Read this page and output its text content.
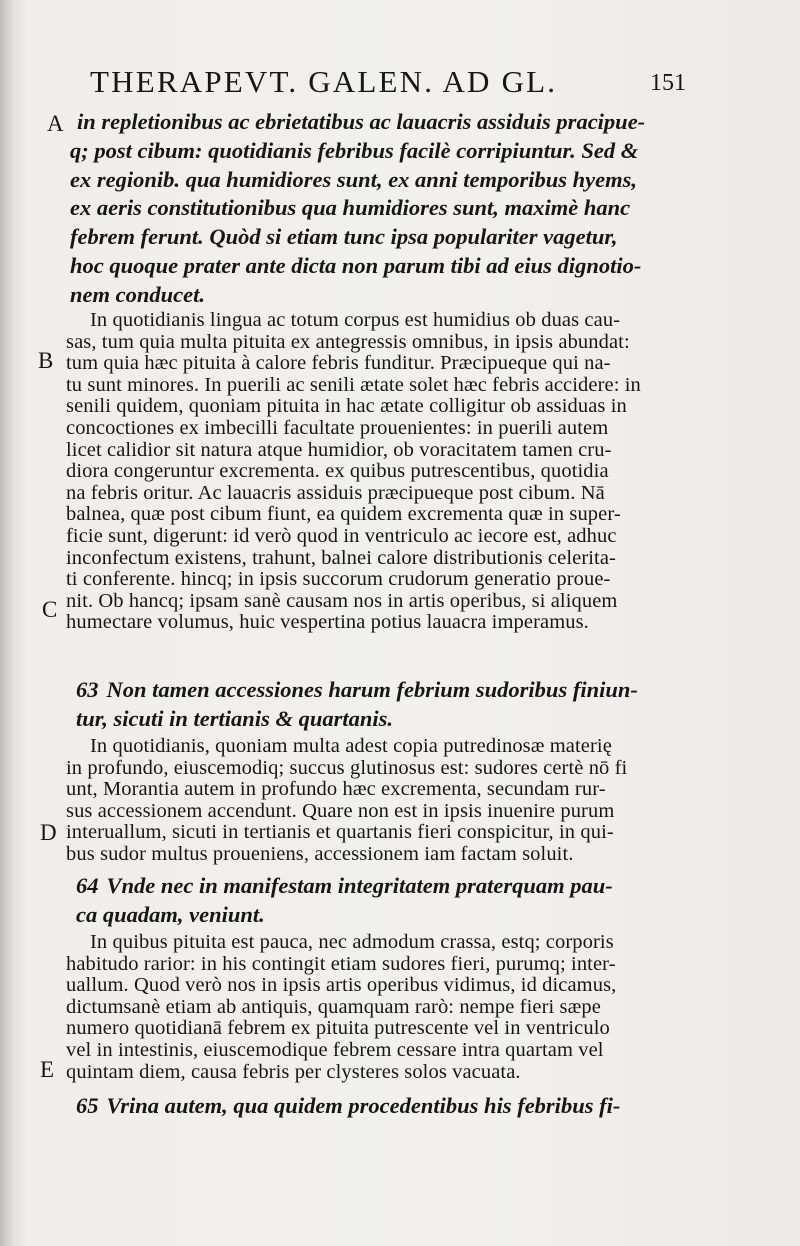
THERAPEVT. GALEN. AD GL.	151
A
B
C
D
E
in repletionibus ac ebrietatibus ac lauacris assiduis pracipue-
q; post cibum: quotidianis febribus facilè corripiuntur. Sed &
ex regionib. qua humidiores sunt, ex anni temporibus hyems,
ex aeris constitutionibus qua humidiores sunt, maximè hanc
febrem ferunt. Quòd si etiam tunc ipsa populariter vagetur,
hoc quoque prater ante dicta non parum tibi ad eius dignotio-
nem conducet.
In quotidianis lingua ac totum corpus est humidius ob duas cau-
sas, tum quia multa pituita ex antegressis omnibus, in ipsis abundat:
tum quia hæc pituita à calore febris funditur. Præcipueque qui na-
tu sunt minores. In puerili ac senili ætate solet hæc febris accidere: in
senili quidem, quoniam pituita in hac ætate colligitur ob assiduas in
concoctiones ex imbecilli facultate prouenientes: in puerili autem
licet calidior sit natura atque humidior, ob voracitatem tamen cru-
diora congeruntur excrementa. ex quibus putrescentibus, quotidia
na febris oritur. Ac lauacris assiduis præcipueque post cibum. Nā
balnea, quæ post cibum fiunt, ea quidem excrementa quæ in super-
ficie sunt, digerunt: id verò quod in ventriculo ac iecore est, adhuc
inconfectum existens, trahunt, balnei calore distributionis celerita-
ti conferente. hincq; in ipsis succorum crudorum generatio proue-
nit. Ob hancq; ipsam sanè causam nos in artis operibus, si aliquem
humectare volumus, huic vespertina potius lauacra imperamus.
63 Non tamen accessiones harum febrium sudoribus finiun-
tur, sicuti in tertianis & quartanis.
In quotidianis, quoniam multa adest copia putredinosæ materię
in profundo, eiuscemodiq; succus glutinosus est: sudores certè nō fi
unt, Morantia autem in profundo hæc excrementa, secundam rur-
sus accessionem accendunt. Quare non est in ipsis inuenire purum
interuallum, sicuti in tertianis et quartanis fieri conspicitur, in qui-
bus sudor multus proueniens, accessionem iam factam soluit.
64 Vnde nec in manifestam integritatem praterquam pau-
ca quadam, veniunt.
In quibus pituita est pauca, nec admodum crassa, estq; corporis
habitudo rarior: in his contingit etiam sudores fieri, purumq; inter-
uallum. Quod verò nos in ipsis artis operibus vidimus, id dicamus,
dictumsanè etiam ab antiquis, quamquam rarò: nempe fieri sæpe
numero quotidianā febrem ex pituita putrescente vel in ventriculo
vel in intestinis, eiuscemodique febrem cessare intra quartam vel
quintam diem, causa febris per clysteres solos vacuata.
65 Vrina autem, qua quidem procedentibus his febribus fi-
